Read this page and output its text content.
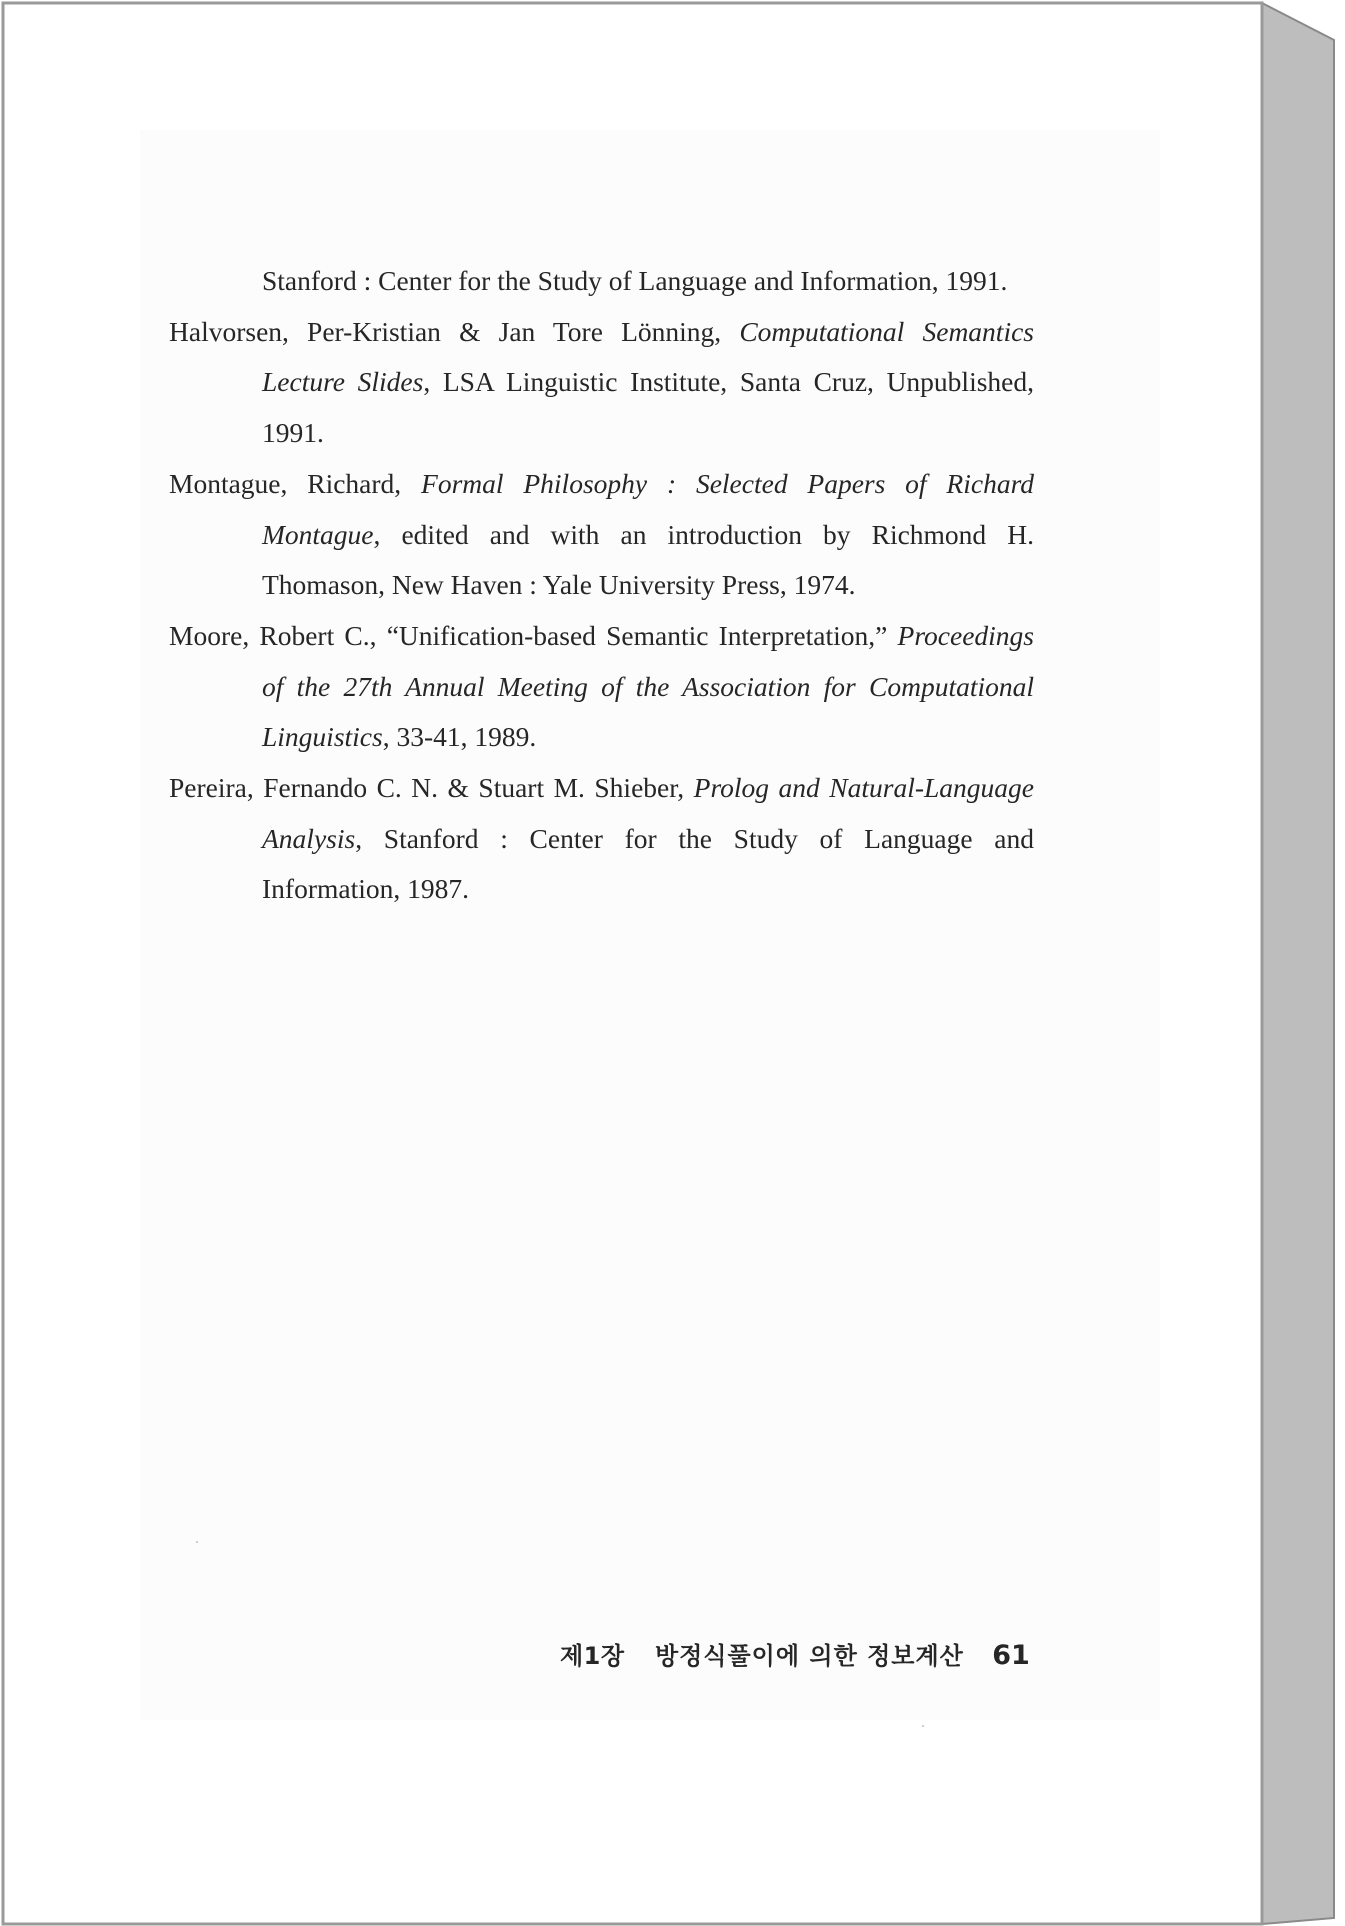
Stanford : Center for the Study of Language and Information, 1991.

Halvorsen, Per-Kristian & Jan Tore Lönning, Computational Semantics Lecture Slides, LSA Linguistic Institute, Santa Cruz, Unpublished, 1991.

Montague, Richard, Formal Philosophy : Selected Papers of Richard Montague, edited and with an introduction by Richmond H. Thomason, New Haven : Yale University Press, 1974.

Moore, Robert C., “Unification-based Semantic Interpretation,” Proceedings of the 27th Annual Meeting of the Association for Computational Linguistics, 33-41, 1989.

Pereira, Fernando C. N. & Stuart M. Shieber, Prolog and Natural-Language Analysis, Stanford : Center for the Study of Language and Information, 1987.

제1장 방정식풀이에 의한 정보계산 61
